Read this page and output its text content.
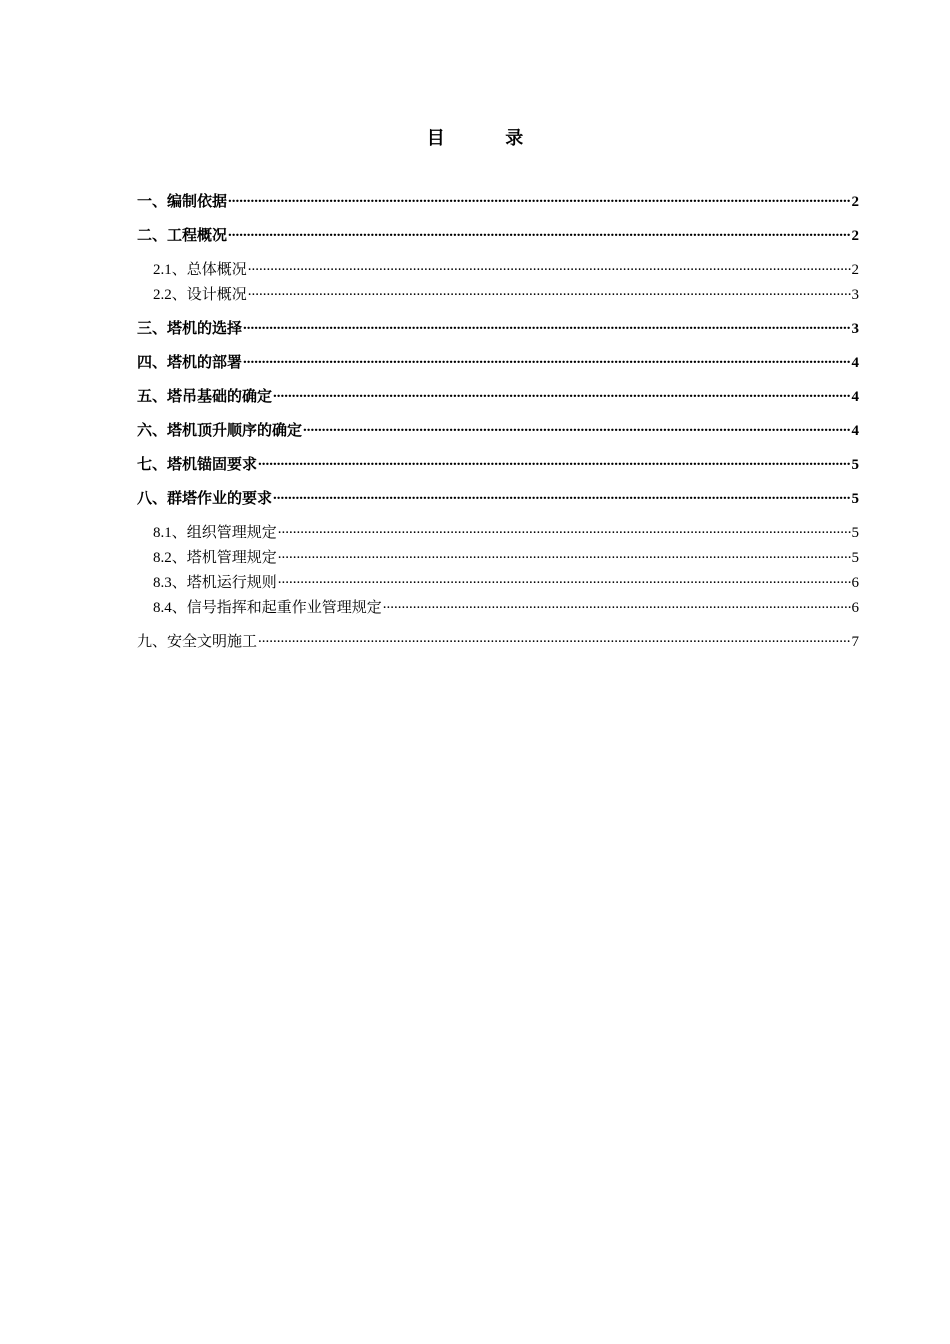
目 录
一、编制依据 .....	2
二、工程概况 .....	2
2.1、总体概况 .....	2
2.2、设计概况 .....	3
三、塔机的选择 .....	3
四、塔机的部署 .....	4
五、塔吊基础的确定 .....	4
六、塔机顶升顺序的确定 .....	4
七、塔机锚固要求 .....	5
八、群塔作业的要求 .....	5
8.1、组织管理规定 .....	5
8.2、塔机管理规定 .....	5
8.3、塔机运行规则 .....	6
8.4、信号指挥和起重作业管理规定 .....	6
九、安全文明施工 .....	7
